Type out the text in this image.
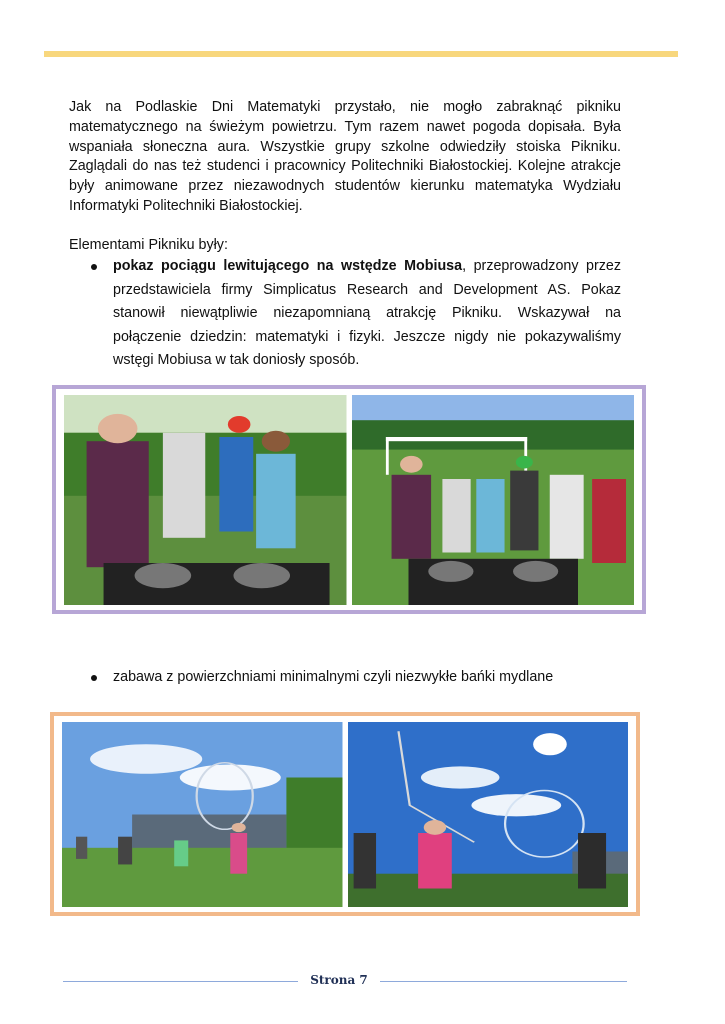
Jak na Podlaskie Dni Matematyki przystało, nie mogło zabraknąć pikniku matematycznego na świeżym powietrzu. Tym razem nawet pogoda dopisała. Była wspaniała słoneczna aura. Wszystkie grupy szkolne odwiedziły stoiska Pikniku. Zaglądali do nas też studenci i pracownicy Politechniki Białostockiej. Kolejne atrakcje były animowane przez niezawodnych studentów kierunku matematyka Wydziału Informatyki Politechniki Białostockiej.

Elementami Pikniku były:

pokaz pociągu lewitującego na wstędze Mobiusa, przeprowadzony przez przedstawiciela firmy Simplicatus Research and Development AS. Pokaz stanowił niewątpliwie niezapomnianą atrakcję Pikniku. Wskazywał na połączenie dziedzin: matematyki i fizyki. Jeszcze nigdy nie pokazywaliśmy wstęgi Mobiusa w tak doniosły sposób.
zabawa z powierzchniami minimalnymi czyli niezwykłe bańki mydlane
Strona 7
